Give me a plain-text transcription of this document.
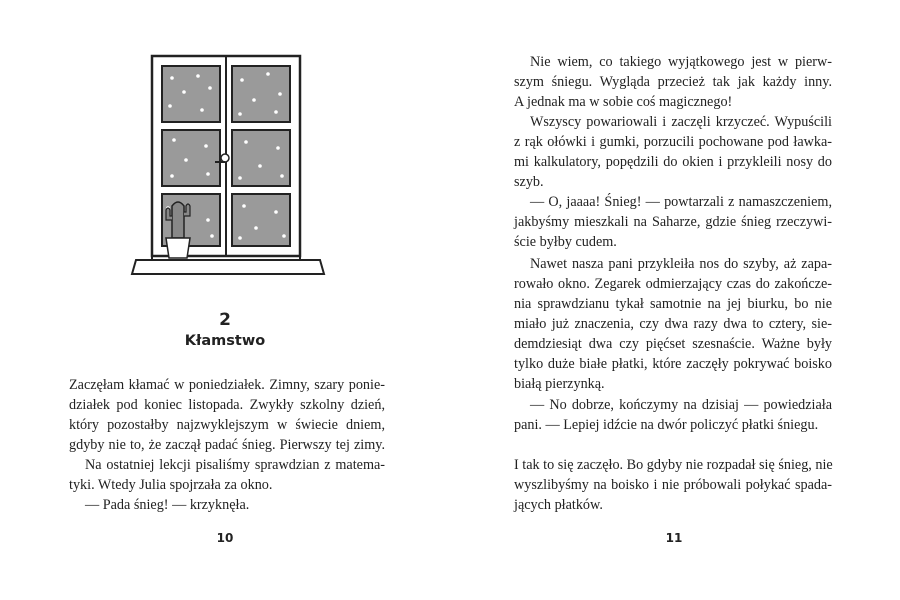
2
Kłamstwo
Zaczęłam kłamać w poniedziałek. Zimny, szary ponie-
działek pod koniec listopada. Zwykły szkolny dzień,
który pozostałby najzwyklejszym w świecie dniem,
gdyby nie to, że zaczął padać śnieg. Pierwszy tej zimy.
Na ostatniej lekcji pisaliśmy sprawdzian z matema-
tyki. Wtedy Julia spojrzała za okno.
— Pada śnieg! — krzyknęła.
10
Nie wiem, co takiego wyjątkowego jest w pierw-
szym śniegu. Wygląda przecież tak jak każdy inny.
A jednak ma w sobie coś magicznego!
Wszyscy powariowali i zaczęli krzyczeć. Wypuścili
z rąk ołówki i gumki, porzucili pochowane pod ławka-
mi kalkulatory, popędzili do okien i przykleili nosy do
szyb.
— O, jaaaa! Śnieg! — powtarzali z namaszczeniem,
jakbyśmy mieszkali na Saharze, gdzie śnieg rzeczywi-
ście byłby cudem.
Nawet nasza pani przykleiła nos do szyby, aż zapa-
rowało okno. Zegarek odmierzający czas do zakończe-
nia sprawdzianu tykał samotnie na jej biurku, bo nie
miało już znaczenia, czy dwa razy dwa to cztery, sie-
demdziesiąt dwa czy pięćset szesnaście. Ważne były
tylko duże białe płatki, które zaczęły pokrywać boisko
białą pierzynką.
— No dobrze, kończymy na dzisiaj — powiedziała
pani. — Lepiej idźcie na dwór policzyć płatki śniegu.
I tak to się zaczęło. Bo gdyby nie rozpadał się śnieg, nie
wyszlibyśmy na boisko i nie próbowali połykać spada-
jących płatków.
11
